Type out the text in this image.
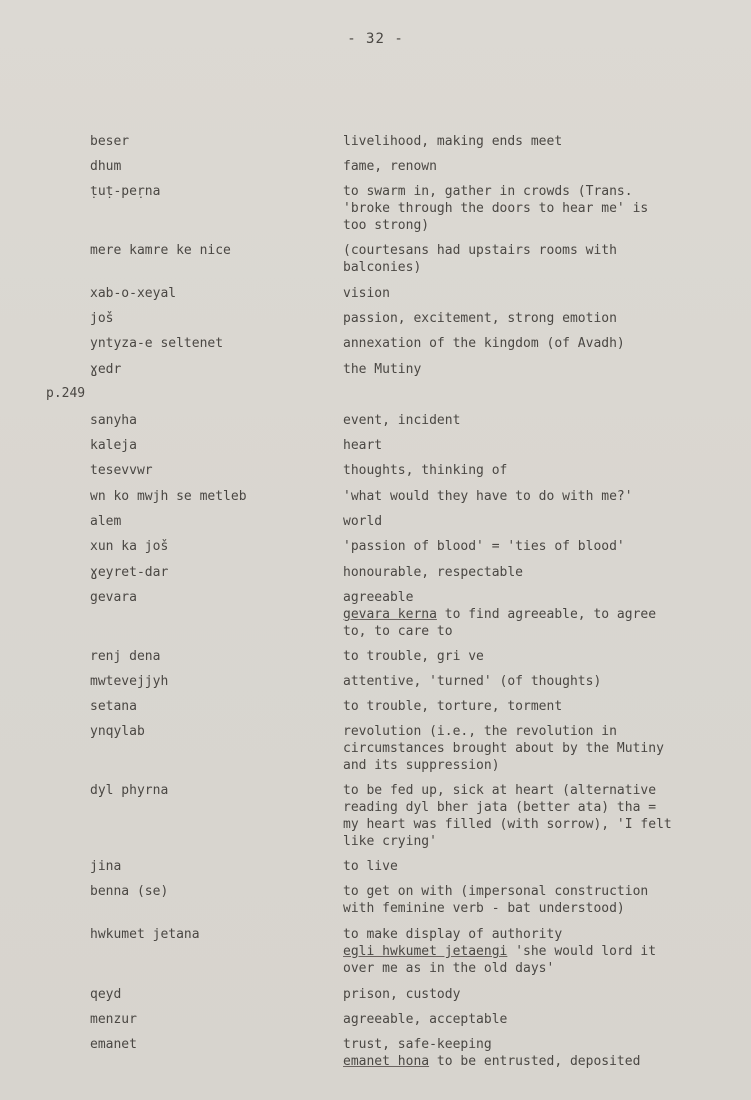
- 32 -
p.249
beser	livelihood, making ends meet
dhum	fame, renown
ṭuṭ-peṛna	to swarm in, gather in crowds (Trans.
'broke through the doors to hear me' is
too strong)
mere kamre ke nice	(courtesans had upstairs rooms with
balconies)
xab-o-xeyal	vision
još	passion, excitement, strong emotion
yntyza-e seltenet	annexation of the kingdom (of Avadh)
ɣedr	the Mutiny
sanyha	event, incident
kaleja	heart
tesevvwr	thoughts, thinking of
wn ko mwjh se metleb	'what would they have to do with me?'
alem	world
xun ka još	'passion of blood' = 'ties of blood'
ɣeyret-dar	honourable, respectable
gevara	agreeable
gevara kerna to find agreeable, to agree
to, to care to
renj dena	to trouble, gri ve
mwtevejjyh	attentive, 'turned' (of thoughts)
setana	to trouble, torture, torment
ynqylab	revolution (i.e., the revolution in
circumstances brought about by the Mutiny
and its suppression)
dyl phyrna	to be fed up, sick at heart (alternative
reading dyl bher jata (better ata) tha =
my heart was filled (with sorrow), 'I felt
like crying'
jina	to live
benna (se)	to get on with (impersonal construction
with feminine verb - bat understood)
hwkumet jetana	to make display of authority
egli hwkumet jetaengi 'she would lord it
over me as in the old days'
qeyd	prison, custody
menzur	agreeable, acceptable
emanet	trust, safe-keeping
emanet hona to be entrusted, deposited
